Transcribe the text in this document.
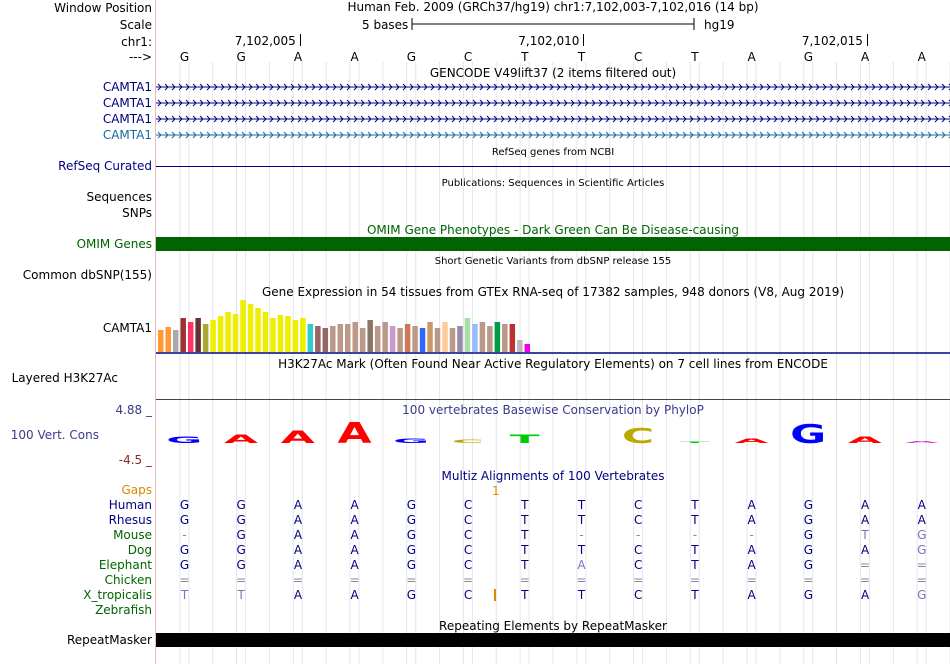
Window Position
Scale
chr1:
--->
CAMTA1
CAMTA1
CAMTA1
CAMTA1
RefSeq Curated
Sequences
SNPs
OMIM Genes
Common dbSNP(155)
CAMTA1
Layered H3K27Ac
4.88 _
100 Vert. Cons
-4.5 _
Gaps
Human
Rhesus
Mouse
Dog
Elephant
Chicken
X_tropicalis
Zebrafish
RepeatMasker
Human Feb. 2009 (GRCh37/hg19) chr1:7,102,003-7,102,016 (14 bp)
5 bases	hg19
7,102,005	7,102,010	7,102,015
G	G	A	A	G	C	T	T	C	T	A	G	A	A
GENCODE V49lift37 (2 items filtered out)
RefSeq genes from NCBI
Publications: Sequences in Scientific Articles
OMIM Gene Phenotypes - Dark Green Can Be Disease-causing
Short Genetic Variants from dbSNP release 155
Gene Expression in 54 tissues from GTEx RNA-seq of 17382 samples, 948 donors (V8, Aug 2019)
H3K27Ac Mark (Often Found Near Active Regulatory Elements) on 7 cell lines from ENCODE
100 vertebrates Basewise Conservation by PhyloP
G A A A G C T	C T A G A A
Multiz Alignments of 100 Vertebrates
1
G	G	A	A	G	C	T	T	C	T	A	G	A	A
G	G	A	A	G	C	T	T	C	T	A	G	A	A
-	G	A	A	G	C	T	-	-	-	-	G	T	G
G	G	A	A	G	C	T	T	C	T	A	G	A	G
G	G	A	A	G	C	T	A	C	T	A	G	=	=
=	=	=	=	=	=	=	=	=	=	=	=	=	=
T	T	A	A	G	C	T	T	C	T	A	G	A	G
Repeating Elements by RepeatMasker
